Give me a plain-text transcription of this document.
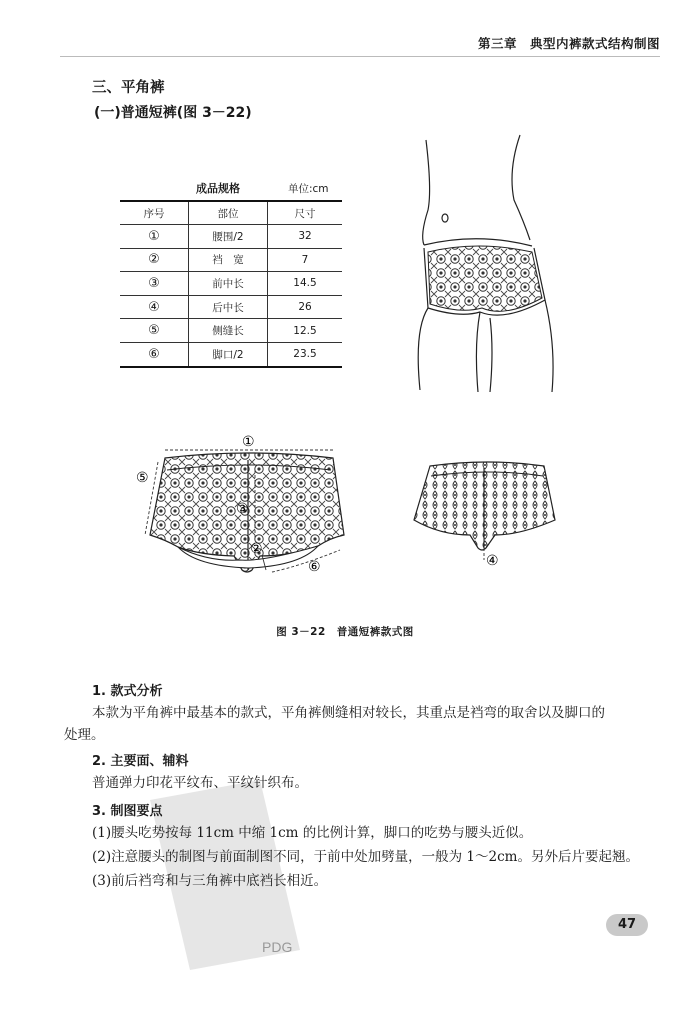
第三章　典型内裤款式结构制图
三、平角裤
(一)普通短裤(图 3－22)
成品规格	单位:cm
序号	部位	尺寸
①	腰围/2	32
②	裆　宽	7
③	前中长	14.5
④	后中长	26
⑤	侧缝长	12.5
⑥	脚口/2	23.5
①
②
③
⑤
⑥	④
PDG
图 3－22　普通短裤款式图
1. 款式分析
本款为平角裤中最基本的款式，平角裤侧缝相对较长，其重点是裆弯的取舍以及脚口的
处理。
2. 主要面、辅料
普通弹力印花平纹布、平纹针织布。
3. 制图要点
(1)腰头吃势按每 11cm 中缩 1cm 的比例计算，脚口的吃势与腰头近似。
(2)注意腰头的制图与前面制图不同，于前中处加劈量，一般为 1～2cm。另外后片要起翘。
(3)前后裆弯和与三角裤中底裆长相近。
47
